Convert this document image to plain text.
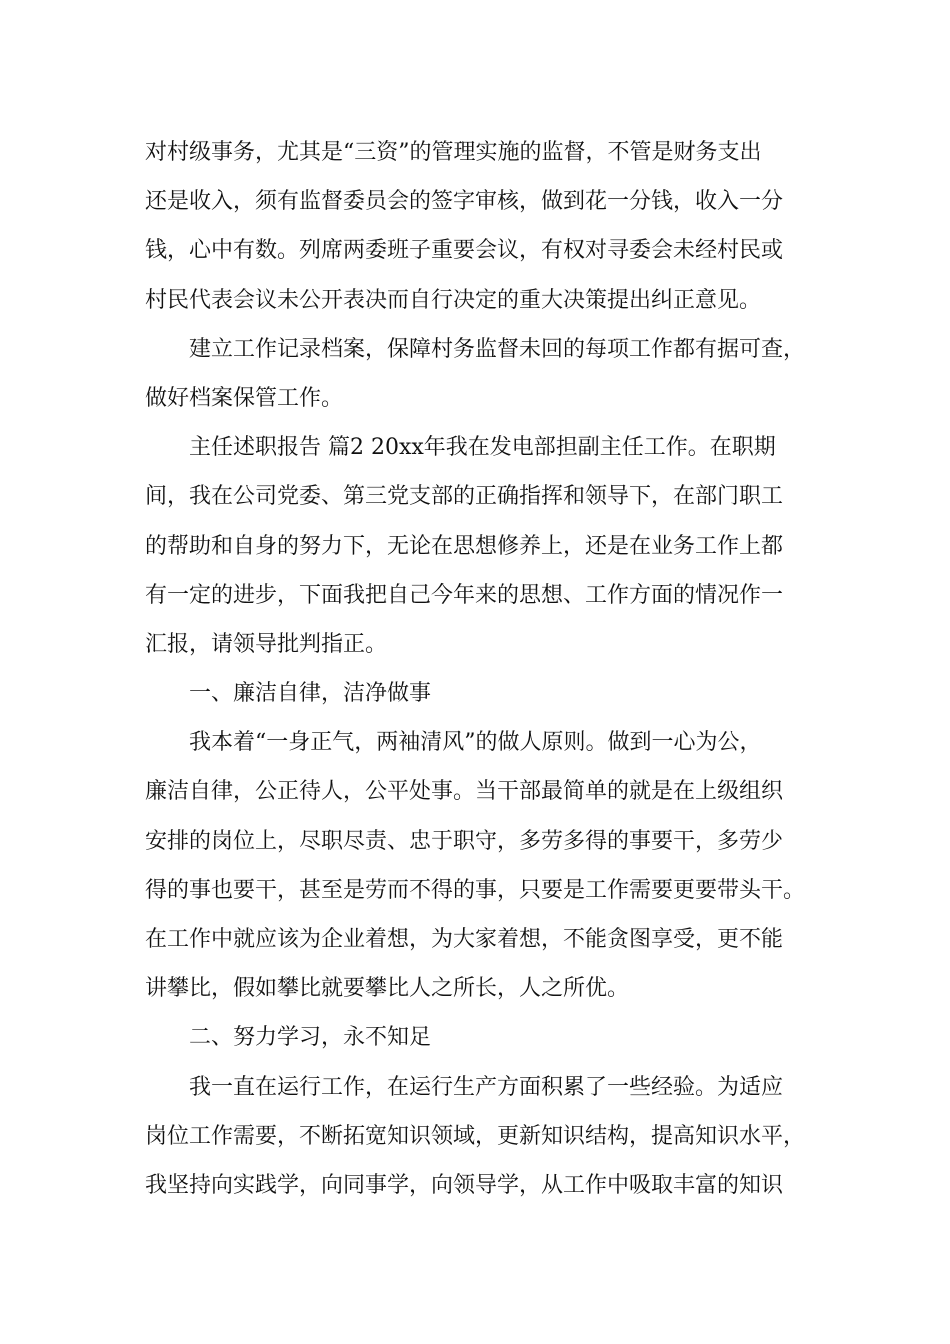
对村级事务，尤其是“三资”的管理实施的监督，不管是财务支出
还是收入，须有监督委员会的签字审核，做到花一分钱，收入一分
钱，心中有数。列席两委班子重要会议，有权对寻委会未经村民或
村民代表会议未公开表决而自行决定的重大决策提出纠正意见。
建立工作记录档案，保障村务监督未回的每项工作都有据可查，
做好档案保管工作。
主任述职报告 篇2 20xx年我在发电部担副主任工作。在职期
间，我在公司党委、第三党支部的正确指挥和领导下，在部门职工
的帮助和自身的努力下，无论在思想修养上，还是在业务工作上都
有一定的进步，下面我把自己今年来的思想、工作方面的情况作一
汇报，请领导批判指正。
一、廉洁自律，洁净做事
我本着“一身正气，两袖清风”的做人原则。做到一心为公，
廉洁自律，公正待人，公平处事。当干部最简单的就是在上级组织
安排的岗位上，尽职尽责、忠于职守，多劳多得的事要干，多劳少
得的事也要干，甚至是劳而不得的事，只要是工作需要更要带头干。
在工作中就应该为企业着想，为大家着想，不能贪图享受，更不能
讲攀比，假如攀比就要攀比人之所长，人之所优。
二、努力学习，永不知足
我一直在运行工作，在运行生产方面积累了一些经验。为适应
岗位工作需要，不断拓宽知识领域，更新知识结构，提高知识水平，
我坚持向实践学，向同事学，向领导学，从工作中吸取丰富的知识
